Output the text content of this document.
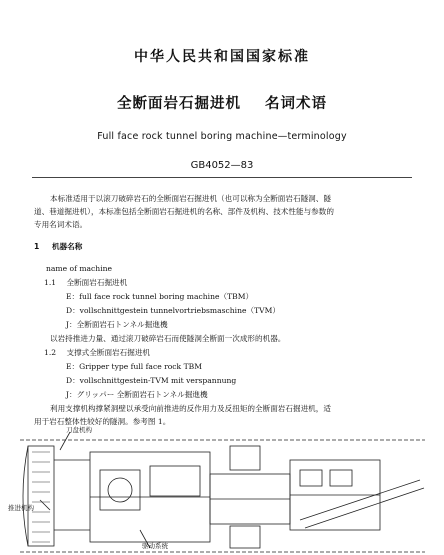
中华人民共和国国家标准
全断面岩石掘进机 名词术语
Full face rock tunnel boring machine—terminology
GB4052—83
本标准适用于以滚刀破碎岩石的全断面岩石掘进机（也可以称为全断面岩石隧洞、隧
道、巷道掘进机），本标准包括全断面岩石掘进机的名称、部件及机构、技术性能与参数的
专用名词术语。
1 机器名称
name of machine
1.1 全断面岩石掘进机
E：full face rock tunnel boring machine（TBM）
D：vollschnittgestein tunnelvortriebsmaschine（TVM）
J：全断面岩石トンネル掘進機
以岩持推进力量、通过滚刀破碎岩石而使隧洞全断面一次成形的机器。
1.2 支撑式全断面岩石掘进机
E：Gripper type full face rock TBM
D：vollschnittgestein-TVM mit verspannung
J：グリッパー 全断面岩石トンネル掘進機
利用支撑机构撑紧洞壁以承受向前推进的反作用力及反扭矩的全断面岩石掘进机，适
用于岩石整体性较好的隧洞。参考图 1。
刀盘机构
推进机构
驱动系统
